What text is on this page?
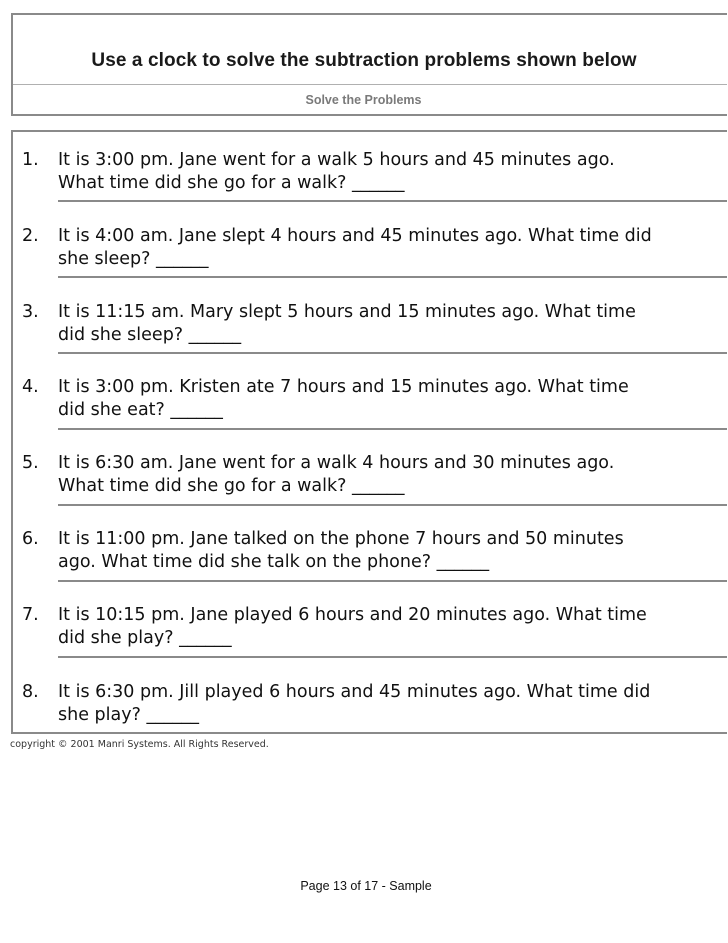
Use a clock to solve the subtraction problems shown below
Solve the Problems
1.	It is 3:00 pm. Jane went for a walk 5 hours and 45 minutes ago.
What time did she go for a walk? ______
2.	It is 4:00 am. Jane slept 4 hours and 45 minutes ago. What time did
she sleep? ______
3.	It is 11:15 am. Mary slept 5 hours and 15 minutes ago. What time
did she sleep? ______
4.	It is 3:00 pm. Kristen ate 7 hours and 15 minutes ago. What time
did she eat? ______
5.	It is 6:30 am. Jane went for a walk 4 hours and 30 minutes ago.
What time did she go for a walk? ______
6.	It is 11:00 pm. Jane talked on the phone 7 hours and 50 minutes
ago. What time did she talk on the phone? ______
7.	It is 10:15 pm. Jane played 6 hours and 20 minutes ago. What time
did she play? ______
8.	It is 6:30 pm. Jill played 6 hours and 45 minutes ago. What time did
she play? ______
copyright © 2001 Manri Systems. All Rights Reserved.
Page 13 of 17 - Sample
